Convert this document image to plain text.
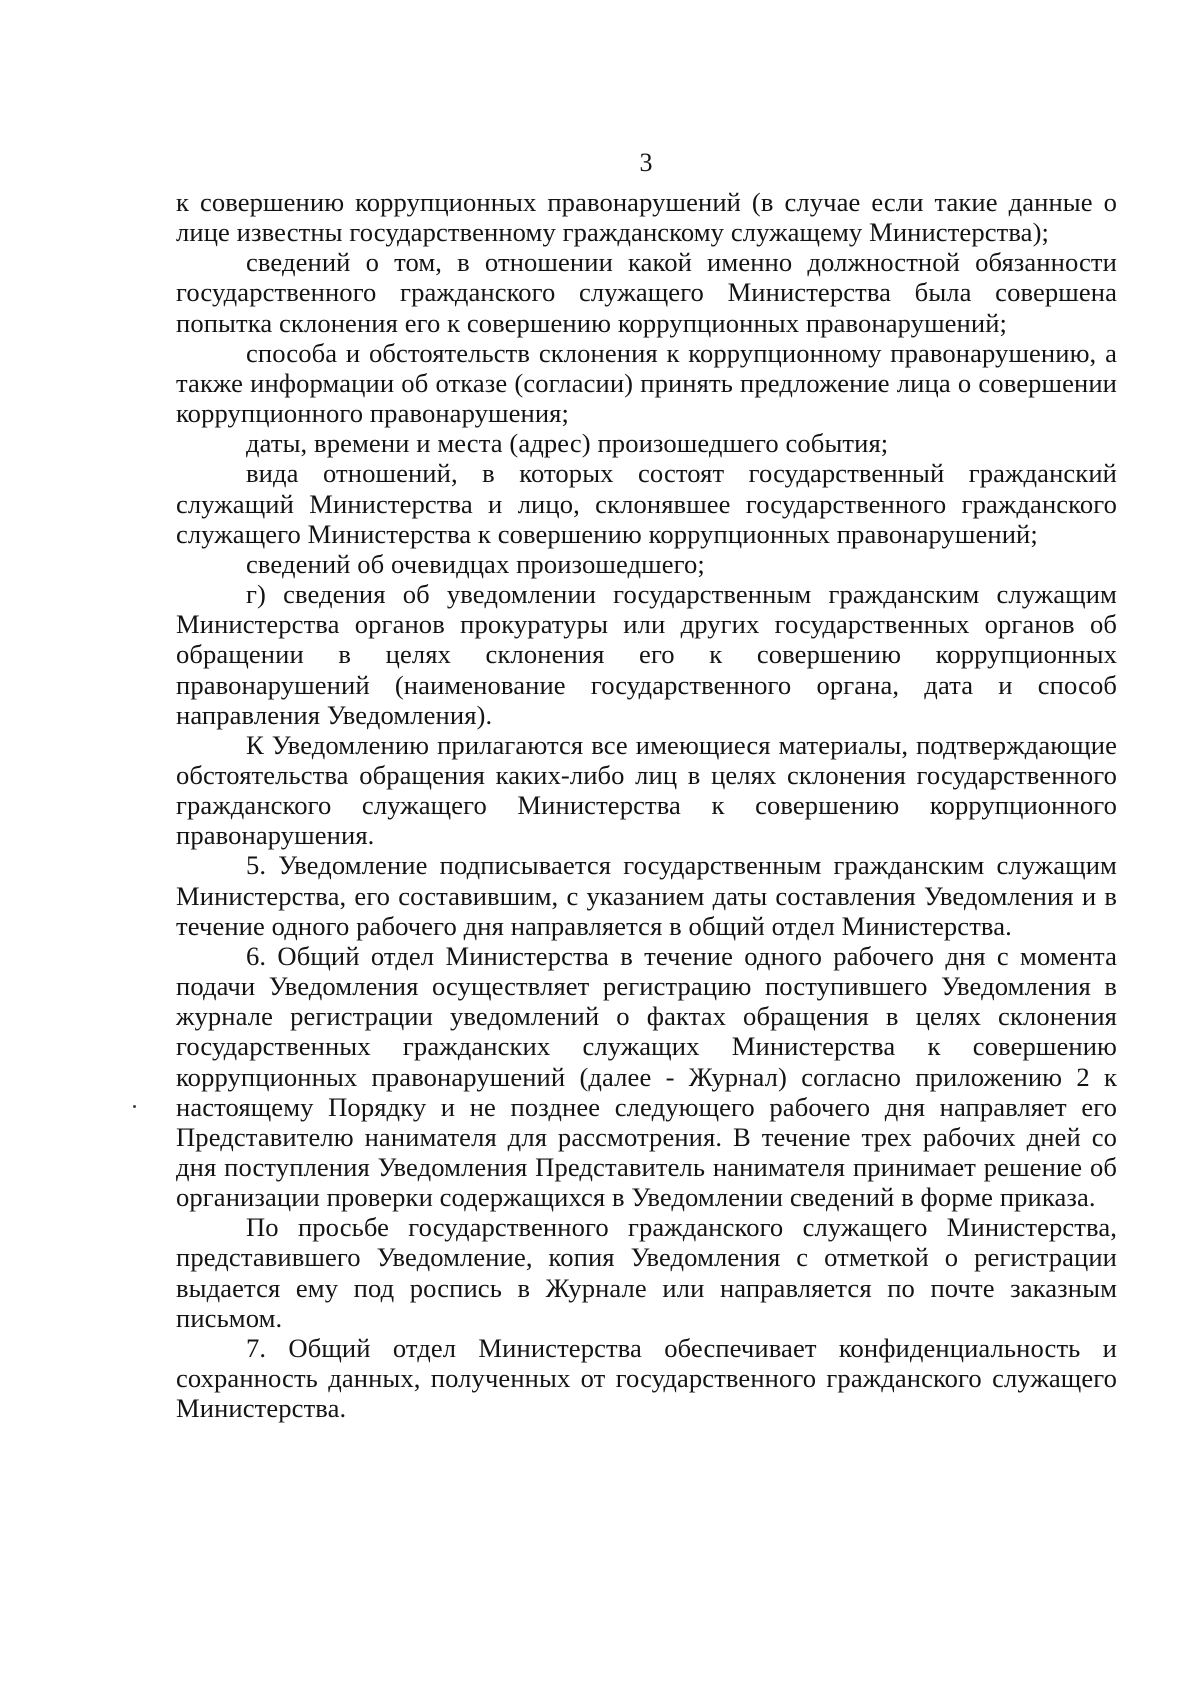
3

к совершению коррупционных правонарушений (в случае если такие данные о лице известны государственному гражданскому служащему Министерства);

сведений о том, в отношении какой именно должностной обязанности государственного гражданского служащего Министерства была совершена попытка склонения его к совершению коррупционных правонарушений;

способа и обстоятельств склонения к коррупционному правонарушению, а также информации об отказе (согласии) принять предложение лица о совершении коррупционного правонарушения;

даты, времени и места (адрес) произошедшего события;

вида отношений, в которых состоят государственный гражданский служащий Министерства и лицо, склонявшее государственного гражданского служащего Министерства к совершению коррупционных правонарушений;

сведений об очевидцах произошедшего;

г) сведения об уведомлении государственным гражданским служащим Министерства органов прокуратуры или других государственных органов об обращении в целях склонения его к совершению коррупционных правонарушений (наименование государственного органа, дата и способ направления Уведомления).

К Уведомлению прилагаются все имеющиеся материалы, подтверждающие обстоятельства обращения каких-либо лиц в целях склонения государственного гражданского служащего Министерства к совершению коррупционного правонарушения.

5. Уведомление подписывается государственным гражданским служащим Министерства, его составившим, с указанием даты составления Уведомления и в течение одного рабочего дня направляется в общий отдел Министерства.

6. Общий отдел Министерства в течение одного рабочего дня с момента подачи Уведомления осуществляет регистрацию поступившего Уведомления в журнале регистрации уведомлений о фактах обращения в целях склонения государственных гражданских служащих Министерства к совершению коррупционных правонарушений (далее - Журнал) согласно приложению 2 к настоящему Порядку и не позднее следующего рабочего дня направляет его Представителю нанимателя для рассмотрения. В течение трех рабочих дней со дня поступления Уведомления Представитель нанимателя принимает решение об организации проверки содержащихся в Уведомлении сведений в форме приказа.

По просьбе государственного гражданского служащего Министерства, представившего Уведомление, копия Уведомления с отметкой о регистрации выдается ему под роспись в Журнале или направляется по почте заказным письмом.

7. Общий отдел Министерства обеспечивает конфиденциальность и сохранность данных, полученных от государственного гражданского служащего Министерства.
